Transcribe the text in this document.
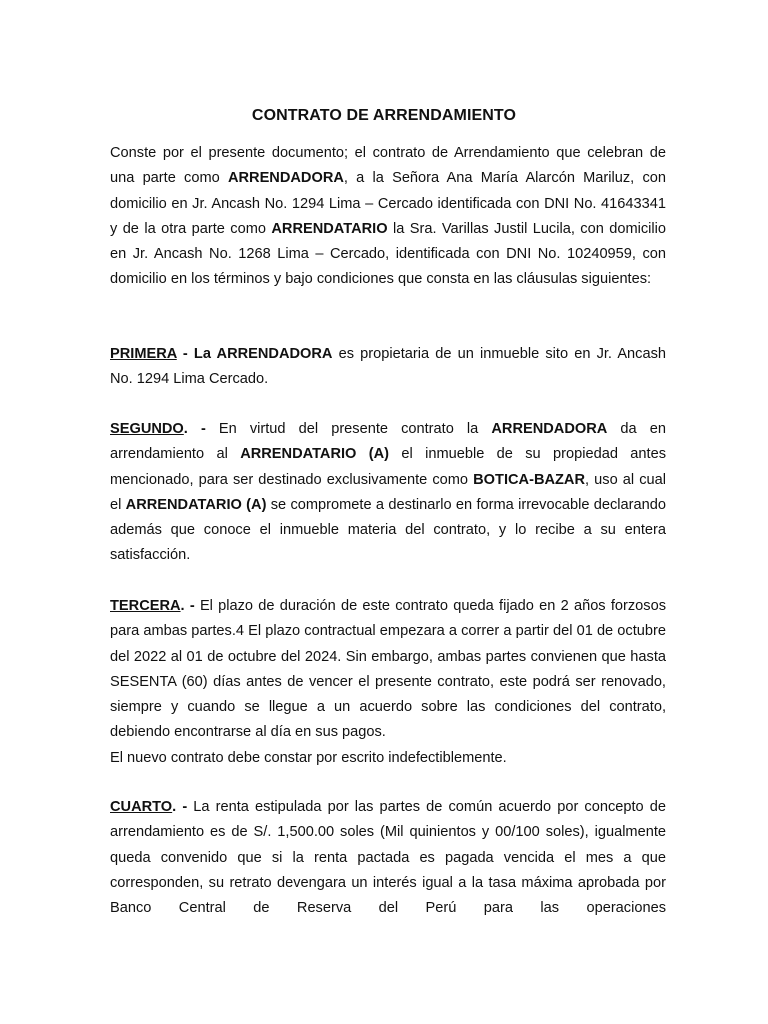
CONTRATO DE ARRENDAMIENTO
Conste por el presente documento; el contrato de Arrendamiento que celebran de una parte como ARRENDADORA, a la Señora Ana María Alarcón Mariluz, con domicilio en Jr. Ancash No. 1294 Lima – Cercado identificada con DNI No. 41643341 y de la otra parte como ARRENDATARIO la Sra. Varillas Justil Lucila, con domicilio en Jr. Ancash No. 1268 Lima – Cercado, identificada con DNI No. 10240959, con domicilio en los términos y bajo condiciones que consta en las cláusulas siguientes:
PRIMERA - La ARRENDADORA es propietaria de un inmueble sito en Jr. Ancash No. 1294 Lima Cercado.
SEGUNDO. - En virtud del presente contrato la ARRENDADORA da en arrendamiento al ARRENDATARIO (A) el inmueble de su propiedad antes mencionado, para ser destinado exclusivamente como BOTICA-BAZAR, uso al cual el ARRENDATARIO (A) se compromete a destinarlo en forma irrevocable declarando además que conoce el inmueble materia del contrato, y lo recibe a su entera satisfacción.
TERCERA. - El plazo de duración de este contrato queda fijado en 2 años forzosos para ambas partes.4 El plazo contractual empezara a correr a partir del 01 de octubre del 2022 al 01 de octubre del 2024. Sin embargo, ambas partes convienen que hasta SESENTA (60) días antes de vencer el presente contrato, este podrá ser renovado, siempre y cuando se llegue a un acuerdo sobre las condiciones del contrato, debiendo encontrarse al día en sus pagos.
El nuevo contrato debe constar por escrito indefectiblemente.
CUARTO. - La renta estipulada por las partes de común acuerdo por concepto de arrendamiento es de S/. 1,500.00 soles (Mil quinientos y 00/100 soles), igualmente queda convenido que si la renta pactada es pagada vencida el mes a que corresponden, su retrato devengara un interés igual a la tasa máxima aprobada por Banco Central de Reserva del Perú para las operaciones
